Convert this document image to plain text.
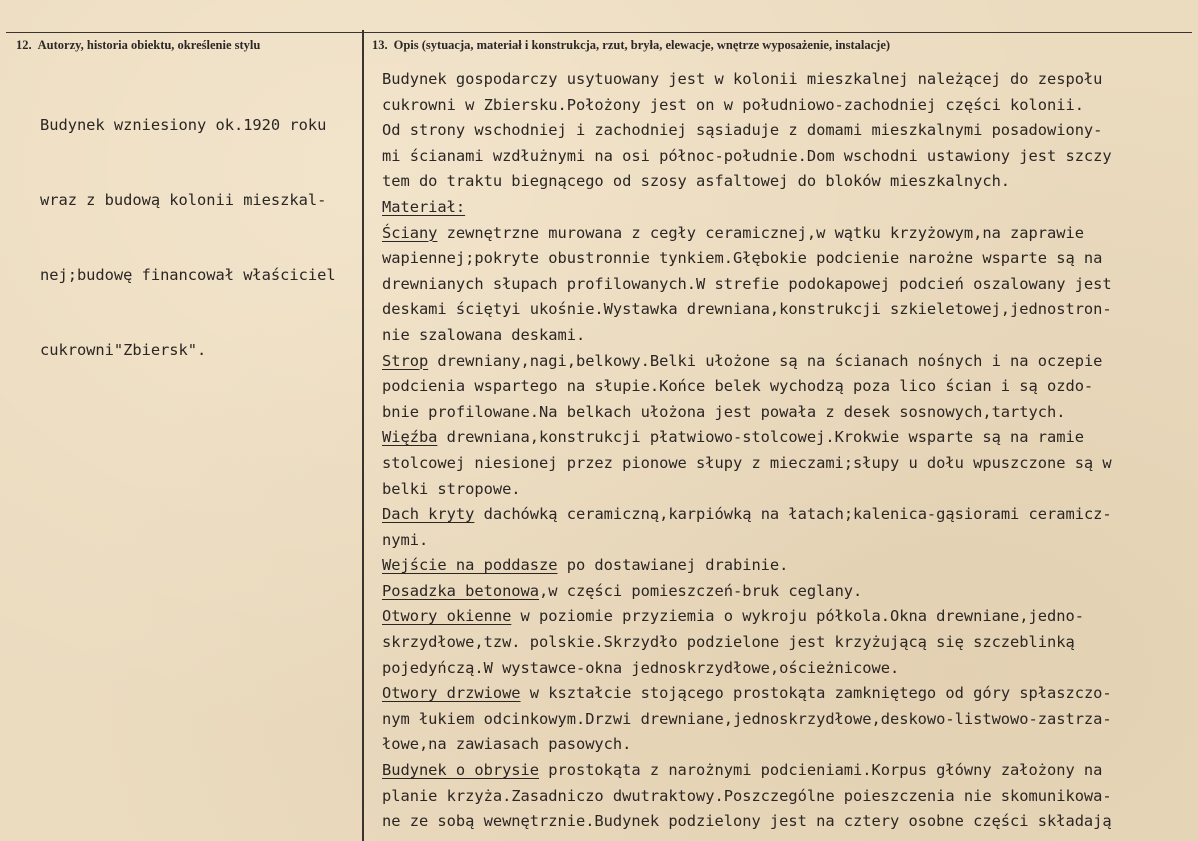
12. Autorzy, historia obiektu, określenie stylu	13. Opis (sytuacja, materiał i konstrukcja, rzut, bryła, elewacje, wnętrze wyposażenie, instalacje)

Budynek wzniesiony ok.1920 roku

wraz z budową kolonii mieszkal-

nej;budowę financował właściciel

cukrowni"Zbiersk".

Budynek gospodarczy usytuowany jest w kolonii mieszkalnej należącej do zespołu
cukrowni w Zbiersku.Położony jest on w południowo-zachodniej części kolonii.
Od strony wschodniej i zachodniej sąsiaduje z domami mieszkalnymi posadowiony-
mi ścianami wzdłużnymi na osi północ-południe.Dom wschodni ustawiony jest szczy
tem do traktu biegnącego od szosy asfaltowej do bloków mieszkalnych.
Materiał:
Ściany zewnętrzne murowana z cegły ceramicznej,w wątku krzyżowym,na zaprawie
wapiennej;pokryte obustronnie tynkiem.Głębokie podcienie narożne wsparte są na
drewnianych słupach profilowanych.W strefie podokapowej podcień oszalowany jest
deskami ściętyi ukośnie.Wystawka drewniana,konstrukcji szkieletowej,jednostron-
nie szalowana deskami.
Strop drewniany,nagi,belkowy.Belki ułożone są na ścianach nośnych i na oczepie
podcienia wspartego na słupie.Końce belek wychodzą poza lico ścian i są ozdo-
bnie profilowane.Na belkach ułożona jest powała z desek sosnowych,tartych.
Więźba drewniana,konstrukcji płatwiowo-stolcowej.Krokwie wsparte są na ramie
stolcowej niesionej przez pionowe słupy z mieczami;słupy u dołu wpuszczone są w
belki stropowe.
Dach kryty dachówką ceramiczną,karpiówką na łatach;kalenica-gąsiorami ceramicz-
nymi.
Wejście na poddasze po dostawianej drabinie.
Posadzka betonowa,w części pomieszczeń-bruk ceglany.
Otwory okienne w poziomie przyziemia o wykroju półkola.Okna drewniane,jedno-
skrzydłowe,tzw. polskie.Skrzydło podzielone jest krzyżującą się szczeblinką
pojedyńczą.W wystawce-okna jednoskrzydłowe,ościeżnicowe.
Otwory drzwiowe w kształcie stojącego prostokąta zamkniętego od góry spłaszczo-
nym łukiem odcinkowym.Drzwi drewniane,jednoskrzydłowe,deskowo-listwowo-zastrza-
łowe,na zawiasach pasowych.
Budynek o obrysie prostokąta z narożnymi podcieniami.Korpus główny założony na
planie krzyża.Zasadniczo dwutraktowy.Poszczególne poieszczenia nie skomunikowa-
ne ze sobą wewnętrznie.Budynek podzielony jest na cztery osobne części składają
